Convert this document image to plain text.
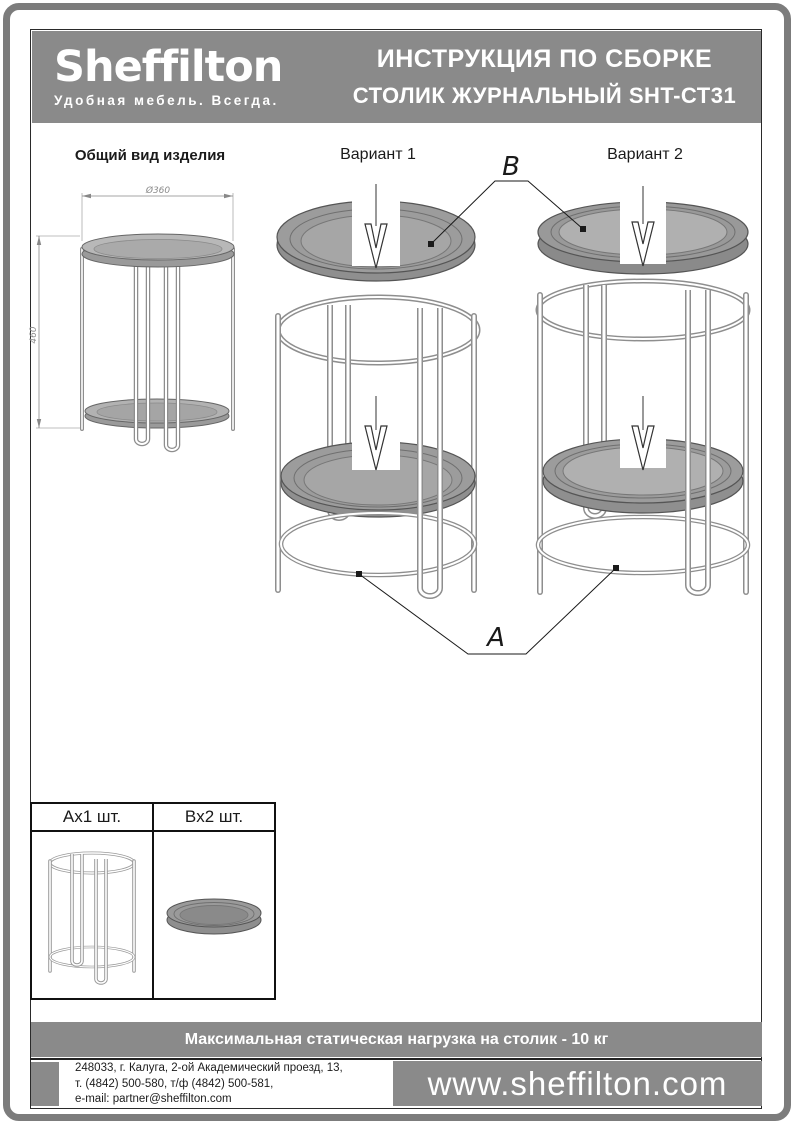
Sheffilton
Удобная мебель. Всегда.
ИНСТРУКЦИЯ ПО СБОРКЕ
СТОЛИК ЖУРНАЛЬНЫЙ SHT-СТ31
Общий вид изделия	Вариант 1	Вариант 2
Ø360
460
B
A
Ax1 шт.	Bx2 шт.
Максимальная статическая нагрузка на столик - 10 кг
248033, г. Калуга, 2-ой Академический проезд, 13,
т. (4842) 500-580, т/ф (4842) 500-581,
e-mail: partner@sheffilton.com	www.sheffilton.com
